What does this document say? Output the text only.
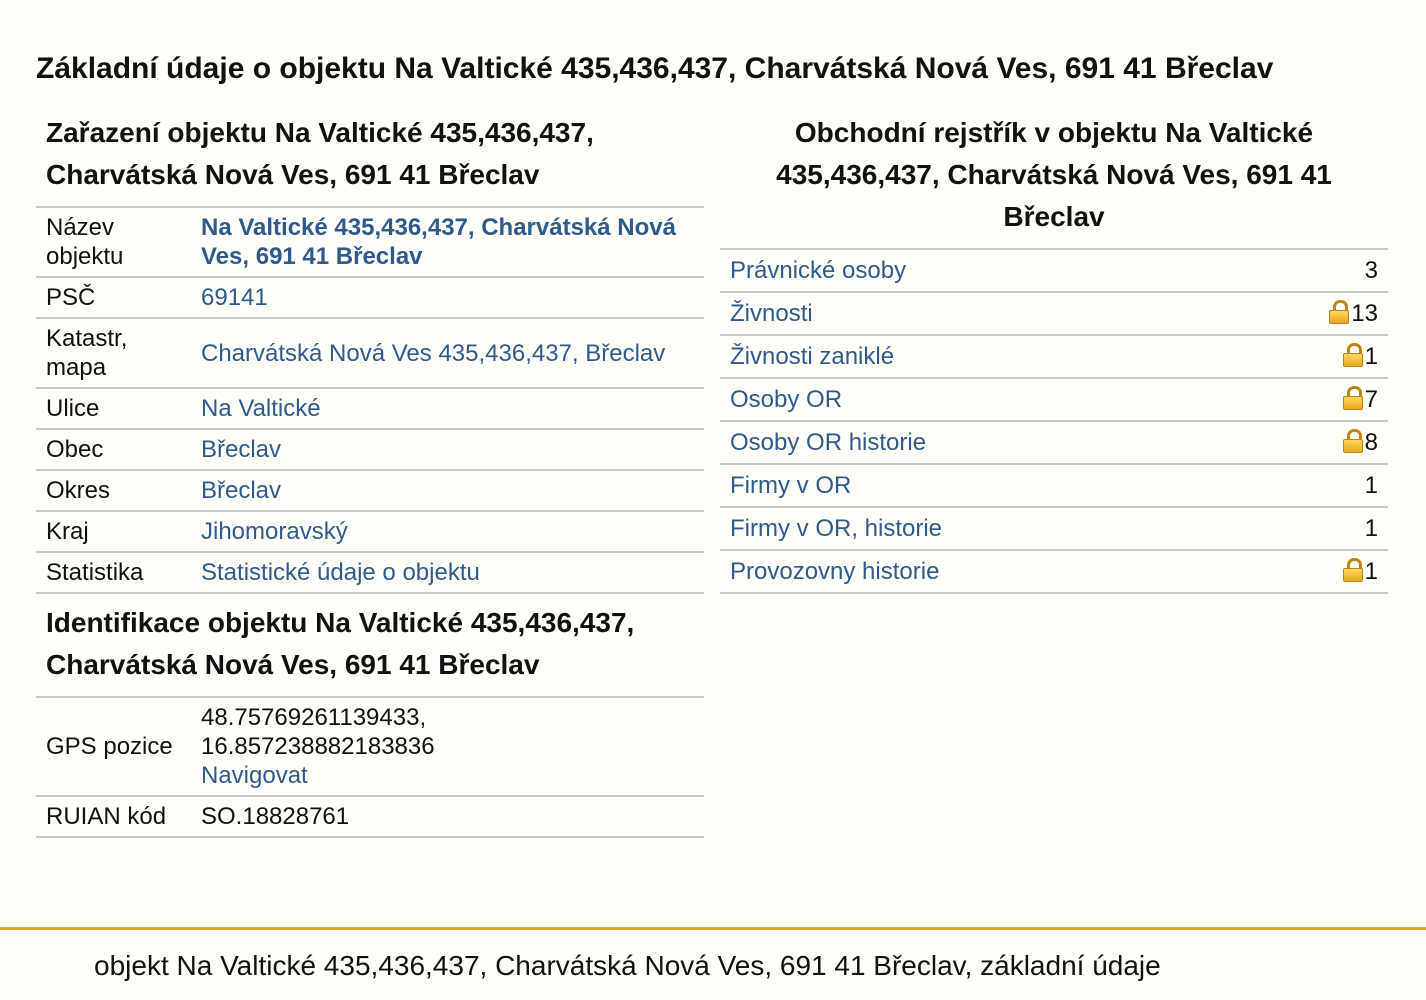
Základní údaje o objektu Na Valtické 435,436,437, Charvátská Nová Ves, 691 41 Břeclav
Zařazení objektu Na Valtické 435,436,437, Charvátská Nová Ves, 691 41 Břeclav
Název objektu	Na Valtické 435,436,437, Charvátská Nová Ves, 691 41 Břeclav
PSČ	69141
Katastr, mapa	Charvátská Nová Ves 435,436,437, Břeclav
Ulice	Na Valtické
Obec	Břeclav
Okres	Břeclav
Kraj	Jihomoravský
Statistika	Statistické údaje o objektu
Identifikace objektu Na Valtické 435,436,437, Charvátská Nová Ves, 691 41 Břeclav
GPS pozice	48.75769261139433,
16.857238882183836
Navigovat
RUIAN kód	SO.18828761
Obchodní rejstřík v objektu Na Valtické 435,436,437, Charvátská Nová Ves, 691 41 Břeclav
Právnické osoby	3
Živnosti	13
Živnosti zaniklé	1
Osoby OR	7
Osoby OR historie	8
Firmy v OR	1
Firmy v OR, historie	1
Provozovny historie	1
objekt Na Valtické 435,436,437, Charvátská Nová Ves, 691 41 Břeclav, základní údaje
